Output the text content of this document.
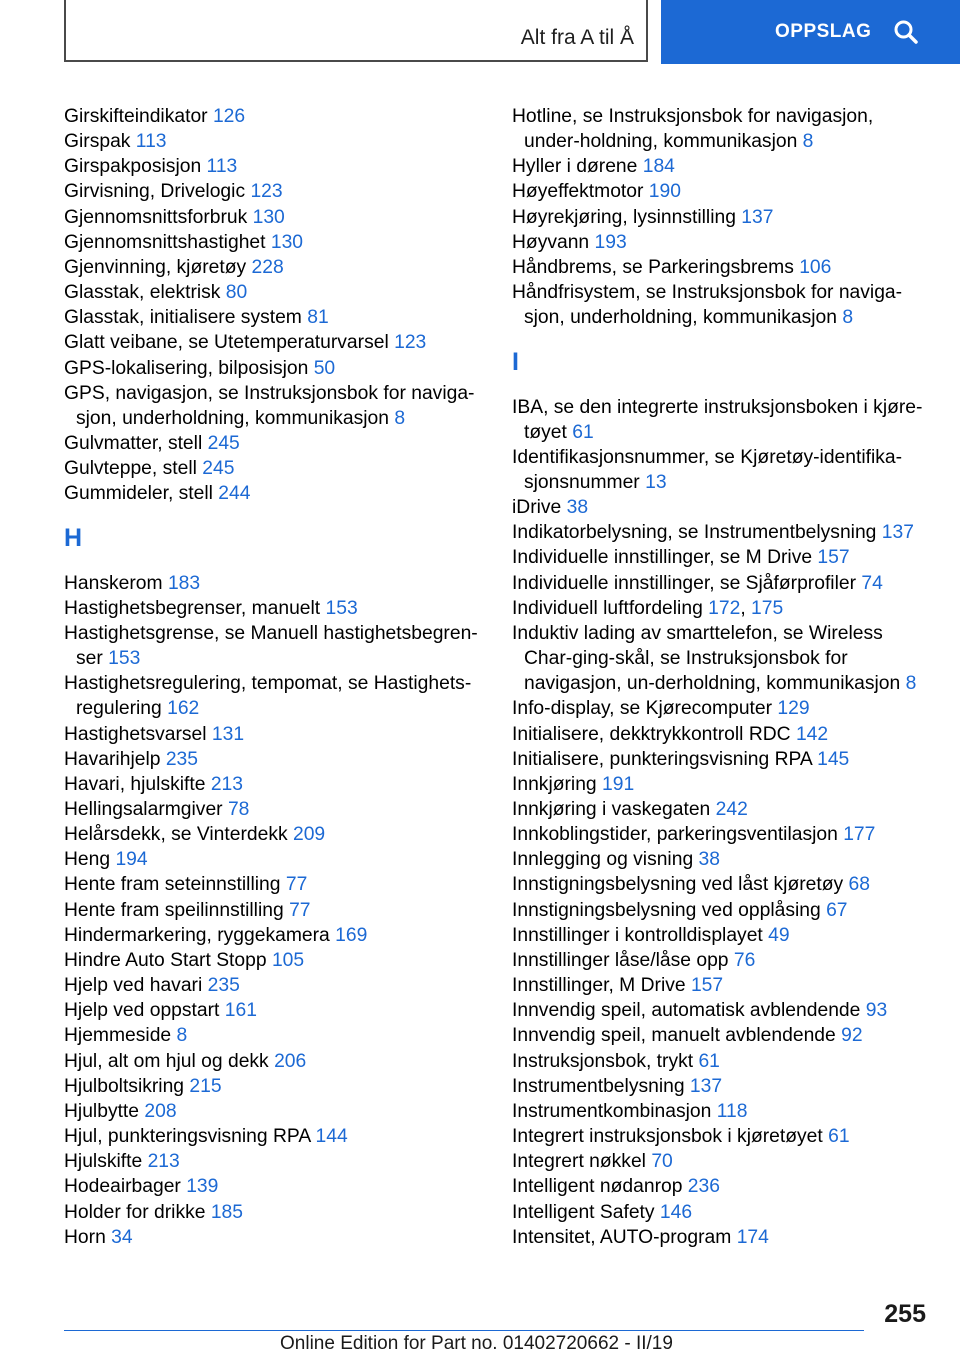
Alt fra A til Å	OPPSLAG
Girskifteindikator 126
Girspak 113
Girspakposisjon 113
Girvisning, Drivelogic 123
Gjennomsnittsforbruk 130
Gjennomsnittshastighet 130
Gjenvinning, kjøretøy 228
Glasstak, elektrisk 80
Glasstak, initialisere system 81
Glatt veibane, se Utetemperaturvarsel 123
GPS-lokalisering, bilposisjon 50
GPS, navigasjon, se Instruksjonsbok for naviga-sjon, underholdning, kommunikasjon 8
Gulvmatter, stell 245
Gulvteppe, stell 245
Gummideler, stell 244
H
Hanskerom 183
Hastighetsbegrenser, manuelt 153
Hastighetsgrense, se Manuell hastighetsbegren-ser 153
Hastighetsregulering, tempomat, se Hastighets-regulering 162
Hastighetsvarsel 131
Havarihjelp 235
Havari, hjulskifte 213
Hellingsalarmgiver 78
Helårsdekk, se Vinterdekk 209
Heng 194
Hente fram seteinnstilling 77
Hente fram speilinnstilling 77
Hindermarkering, ryggekamera 169
Hindre Auto Start Stopp 105
Hjelp ved havari 235
Hjelp ved oppstart 161
Hjemmeside 8
Hjul, alt om hjul og dekk 206
Hjulboltsikring 215
Hjulbytte 208
Hjul, punkteringsvisning RPA 144
Hjulskifte 213
Hodeairbager 139
Holder for drikke 185
Horn 34
Hotline, se Instruksjonsbok for navigasjon, under-holdning, kommunikasjon 8
Hyller i dørene 184
Høyeffektmotor 190
Høyrekjøring, lysinnstilling 137
Høyvann 193
Håndbrems, se Parkeringsbrems 106
Håndfrisystem, se Instruksjonsbok for naviga-sjon, underholdning, kommunikasjon 8
I
IBA, se den integrerte instruksjonsboken i kjøre-tøyet 61
Identifikasjonsnummer, se Kjøretøy-identifika-sjonsnummer 13
iDrive 38
Indikatorbelysning, se Instrumentbelysning 137
Individuelle innstillinger, se M Drive 157
Individuelle innstillinger, se Sjåførprofiler 74
Individuell luftfordeling 172, 175
Induktiv lading av smarttelefon, se Wireless Char-ging-skål, se Instruksjonsbok for navigasjon, un-derholdning, kommunikasjon 8
Info-display, se Kjørecomputer 129
Initialisere, dekktrykkontroll RDC 142
Initialisere, punkteringsvisning RPA 145
Innkjøring 191
Innkjøring i vaskegaten 242
Innkoblingstider, parkeringsventilasjon 177
Innlegging og visning 38
Innstigningsbelysning ved låst kjøretøy 68
Innstigningsbelysning ved opplåsing 67
Innstillinger i kontrolldisplayet 49
Innstillinger låse/låse opp 76
Innstillinger, M Drive 157
Innvendig speil, automatisk avblendende 93
Innvendig speil, manuelt avblendende 92
Instruksjonsbok, trykt 61
Instrumentbelysning 137
Instrumentkombinasjon 118
Integrert instruksjonsbok i kjøretøyet 61
Integrert nøkkel 70
Intelligent nødanrop 236
Intelligent Safety 146
Intensitet, AUTO-program 174
255
Online Edition for Part no. 01402720662 - II/19
